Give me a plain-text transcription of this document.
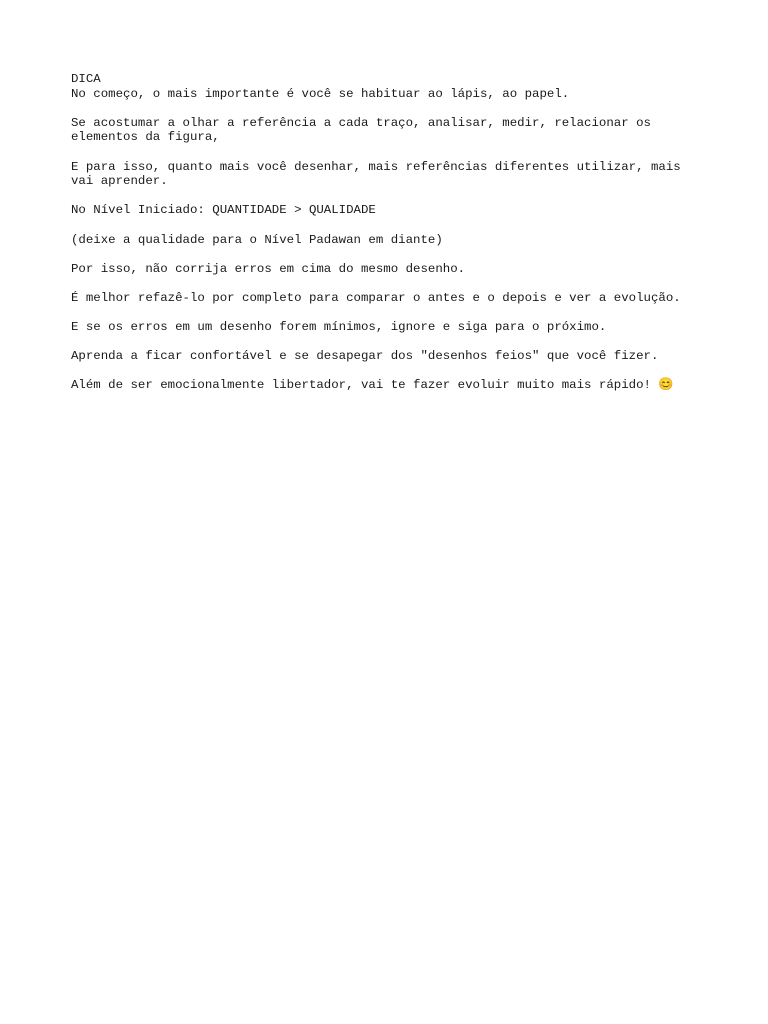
DICA

No começo, o mais importante é você se habituar ao lápis, ao papel.

Se acostumar a olhar a referência a cada traço, analisar, medir, relacionar os
elementos da figura,

E para isso, quanto mais você desenhar, mais referências diferentes utilizar, mais
vai aprender.

No Nível Iniciado: QUANTIDADE > QUALIDADE

(deixe a qualidade para o Nível Padawan em diante)

Por isso, não corrija erros em cima do mesmo desenho.

É melhor refazê-lo por completo para comparar o antes e o depois e ver a evolução.

E se os erros em um desenho forem mínimos, ignore e siga para o próximo.

Aprenda a ficar confortável e se desapegar dos "desenhos feios" que você fizer.

Além de ser emocionalmente libertador, vai te fazer evoluir muito mais rápido! 😊
